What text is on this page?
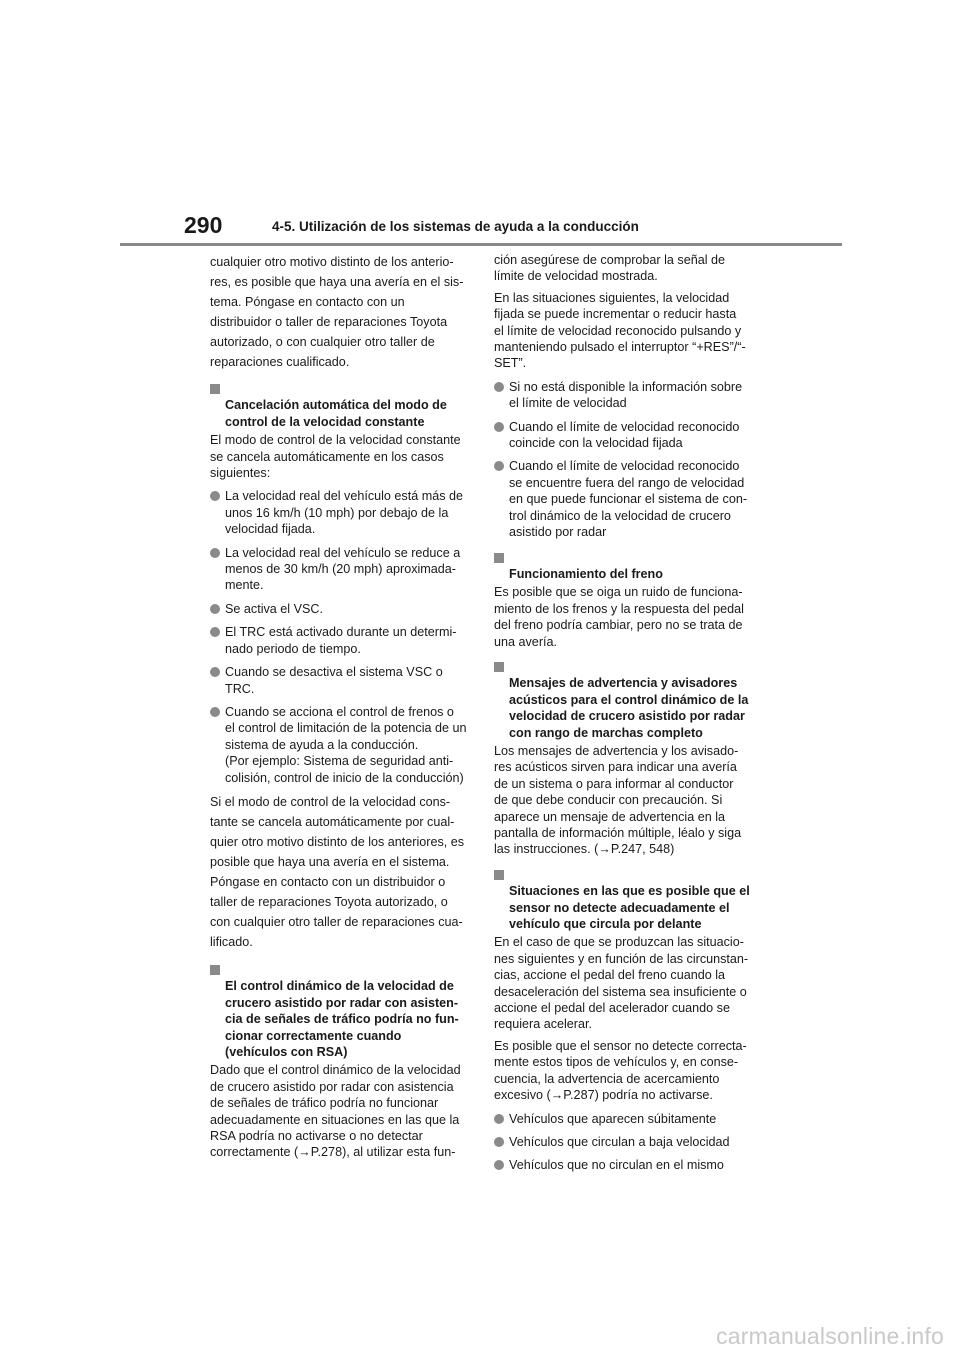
290	4-5. Utilización de los sistemas de ayuda a la conducción

cualquier otro motivo distinto de los anterio-
res, es posible que haya una avería en el sis-
tema. Póngase en contacto con un
distribuidor o taller de reparaciones Toyota
autorizado, o con cualquier otro taller de
reparaciones cualificado.

Cancelación automática del modo de
control de la velocidad constante

El modo de control de la velocidad constante
se cancela automáticamente en los casos
siguientes:

La velocidad real del vehículo está más de
unos 16 km/h (10 mph) por debajo de la
velocidad fijada.
La velocidad real del vehículo se reduce a
menos de 30 km/h (20 mph) aproximada-
mente.
Se activa el VSC.
El TRC está activado durante un determi-
nado periodo de tiempo.
Cuando se desactiva el sistema VSC o
TRC.
Cuando se acciona el control de frenos o
el control de limitación de la potencia de un
sistema de ayuda a la conducción.
(Por ejemplo: Sistema de seguridad anti-
colisión, control de inicio de la conducción)

Si el modo de control de la velocidad cons-
tante se cancela automáticamente por cual-
quier otro motivo distinto de los anteriores, es
posible que haya una avería en el sistema.
Póngase en contacto con un distribuidor o
taller de reparaciones Toyota autorizado, o
con cualquier otro taller de reparaciones cua-
lificado.

El control dinámico de la velocidad de
crucero asistido por radar con asisten-
cia de señales de tráfico podría no fun-
cionar correctamente cuando
(vehículos con RSA)

Dado que el control dinámico de la velocidad
de crucero asistido por radar con asistencia
de señales de tráfico podría no funcionar
adecuadamente en situaciones en las que la
RSA podría no activarse o no detectar
correctamente (→P.278), al utilizar esta fun-

ción asegúrese de comprobar la señal de
límite de velocidad mostrada.

En las situaciones siguientes, la velocidad
fijada se puede incrementar o reducir hasta
el límite de velocidad reconocido pulsando y
manteniendo pulsado el interruptor “+RES”/“-
SET”.

Si no está disponible la información sobre
el límite de velocidad
Cuando el límite de velocidad reconocido
coincide con la velocidad fijada
Cuando el límite de velocidad reconocido
se encuentre fuera del rango de velocidad
en que puede funcionar el sistema de con-
trol dinámico de la velocidad de crucero
asistido por radar

Funcionamiento del freno

Es posible que se oiga un ruido de funciona-
miento de los frenos y la respuesta del pedal
del freno podría cambiar, pero no se trata de
una avería.

Mensajes de advertencia y avisadores
acústicos para el control dinámico de la
velocidad de crucero asistido por radar
con rango de marchas completo

Los mensajes de advertencia y los avisado-
res acústicos sirven para indicar una avería
de un sistema o para informar al conductor
de que debe conducir con precaución. Si
aparece un mensaje de advertencia en la
pantalla de información múltiple, léalo y siga
las instrucciones. (→P.247, 548)

Situaciones en las que es posible que el
sensor no detecte adecuadamente el
vehículo que circula por delante

En el caso de que se produzcan las situacio-
nes siguientes y en función de las circunstan-
cias, accione el pedal del freno cuando la
desaceleración del sistema sea insuficiente o
accione el pedal del acelerador cuando se
requiera acelerar.

Es posible que el sensor no detecte correcta-
mente estos tipos de vehículos y, en conse-
cuencia, la advertencia de acercamiento
excesivo (→P.287) podría no activarse.

Vehículos que aparecen súbitamente
Vehículos que circulan a baja velocidad
Vehículos que no circulan en el mismo
carmanualsonline.info
